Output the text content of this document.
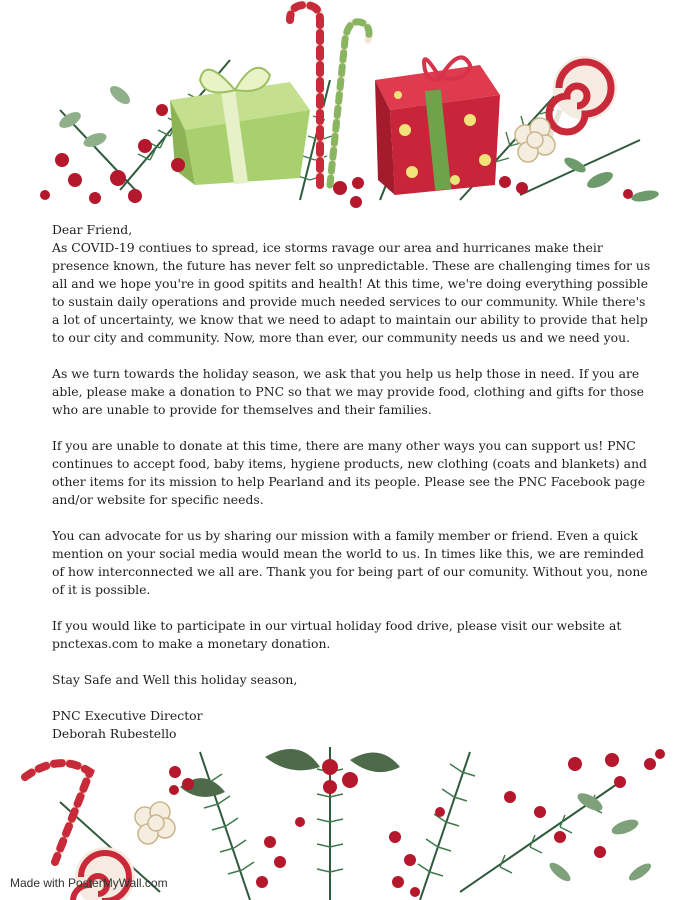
Dear Friend,

As COVID-19 contiues to spread, ice storms ravage our area and hurricanes make their presence known, the future has never felt so unpredictable. These are challenging times for us all and we hope you're in good spitits and health! At this time, we're doing everything possible to sustain daily operations and provide much needed services to our community. While there's a lot of uncertainty, we know that we need to adapt to maintain our ability to provide that help to our city and community. Now, more than ever, our community needs us and we need you.

As we turn towards the holiday season, we ask that you help us help those in need. If you are able, please make a donation to PNC so that we may provide food, clothing and gifts for those who are unable to provide for themselves and their families.

If you are unable to donate at this time, there are many other ways you can support us! PNC continues to accept food, baby items, hygiene products, new clothing (coats and blankets) and other items for its mission to help Pearland and its people. Please see the PNC Facebook page and/or website for specific needs.

You can advocate for us by sharing our mission with a family member or friend. Even a quick mention on your social media would mean the world to us. In times like this, we are reminded of how interconnected we all are. Thank you for being part of our comunity. Without you, none of it is possible.

If you would like to participate in our virtual holiday food drive, please visit our website at pnctexas.com to make a monetary donation.

Stay Safe and Well this holiday season,

PNC Executive Director

Deborah Rubestello

Made with PosterMyWall.com
